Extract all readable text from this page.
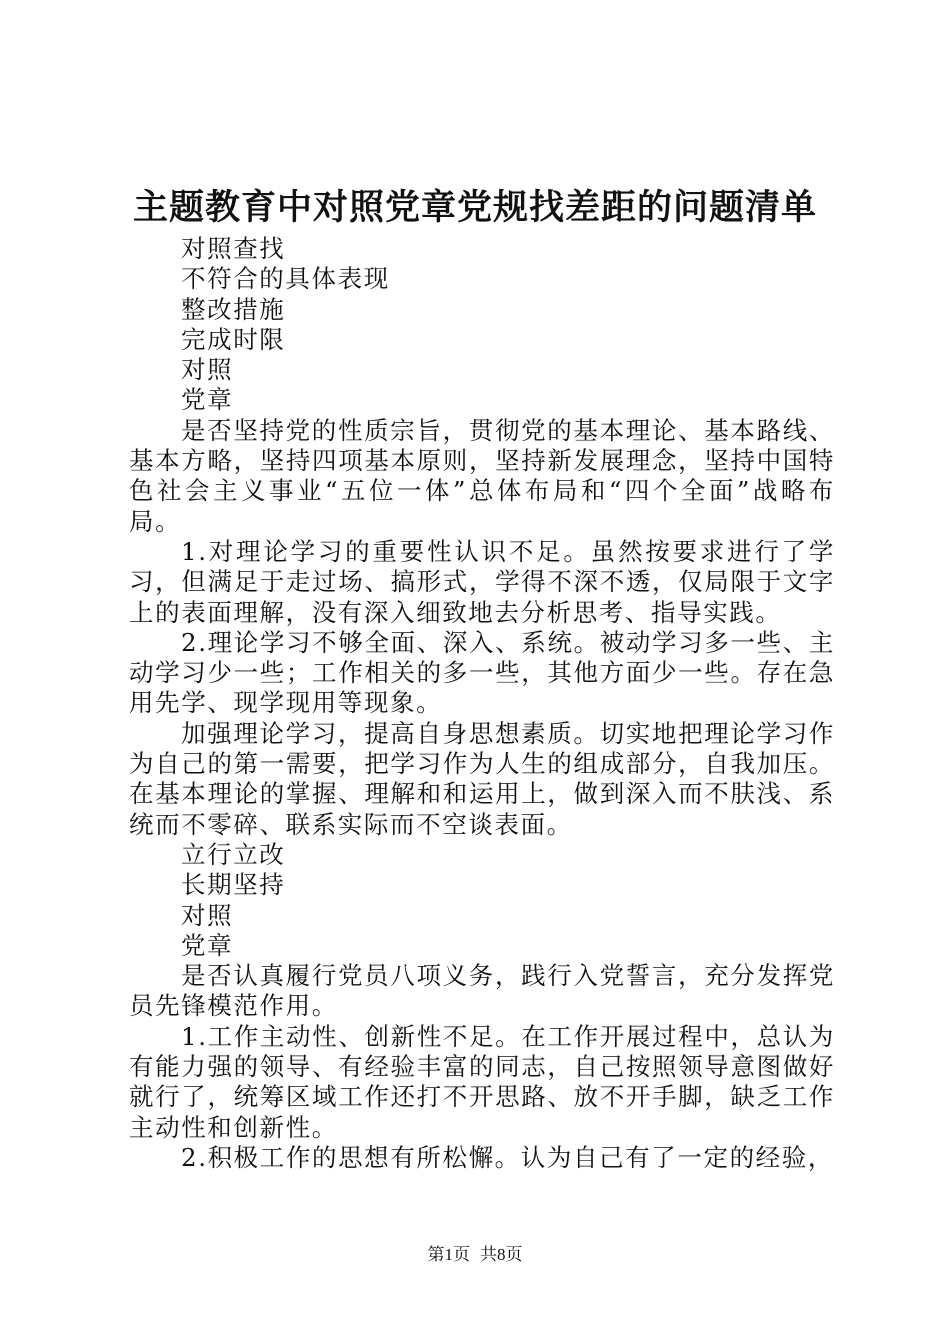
主题教育中对照党章党规找差距的问题清单

对照查找

不符合的具体表现

整改措施

完成时限

对照

党章

是否坚持党的性质宗旨，贯彻党的基本理论、基本路线、基本方略，坚持四项基本原则，坚持新发展理念，坚持中国特色社会主义事业“五位一体”总体布局和“四个全面”战略布局。

1.对理论学习的重要性认识不足。虽然按要求进行了学习，但满足于走过场、搞形式，学得不深不透，仅局限于文字上的表面理解，没有深入细致地去分析思考、指导实践。

2.理论学习不够全面、深入、系统。被动学习多一些、主动学习少一些；工作相关的多一些，其他方面少一些。存在急用先学、现学现用等现象。

加强理论学习，提高自身思想素质。切实地把理论学习作为自己的第一需要，把学习作为人生的组成部分，自我加压。在基本理论的掌握、理解和和运用上，做到深入而不肤浅、系统而不零碎、联系实际而不空谈表面。

立行立改

长期坚持

对照

党章

是否认真履行党员八项义务，践行入党誓言，充分发挥党员先锋模范作用。

1.工作主动性、创新性不足。在工作开展过程中，总认为有能力强的领导、有经验丰富的同志，自己按照领导意图做好就行了，统筹区域工作还打不开思路、放不开手脚，缺乏工作主动性和创新性。

2.积极工作的思想有所松懈。认为自己有了一定的经验，

第1页 共8页
